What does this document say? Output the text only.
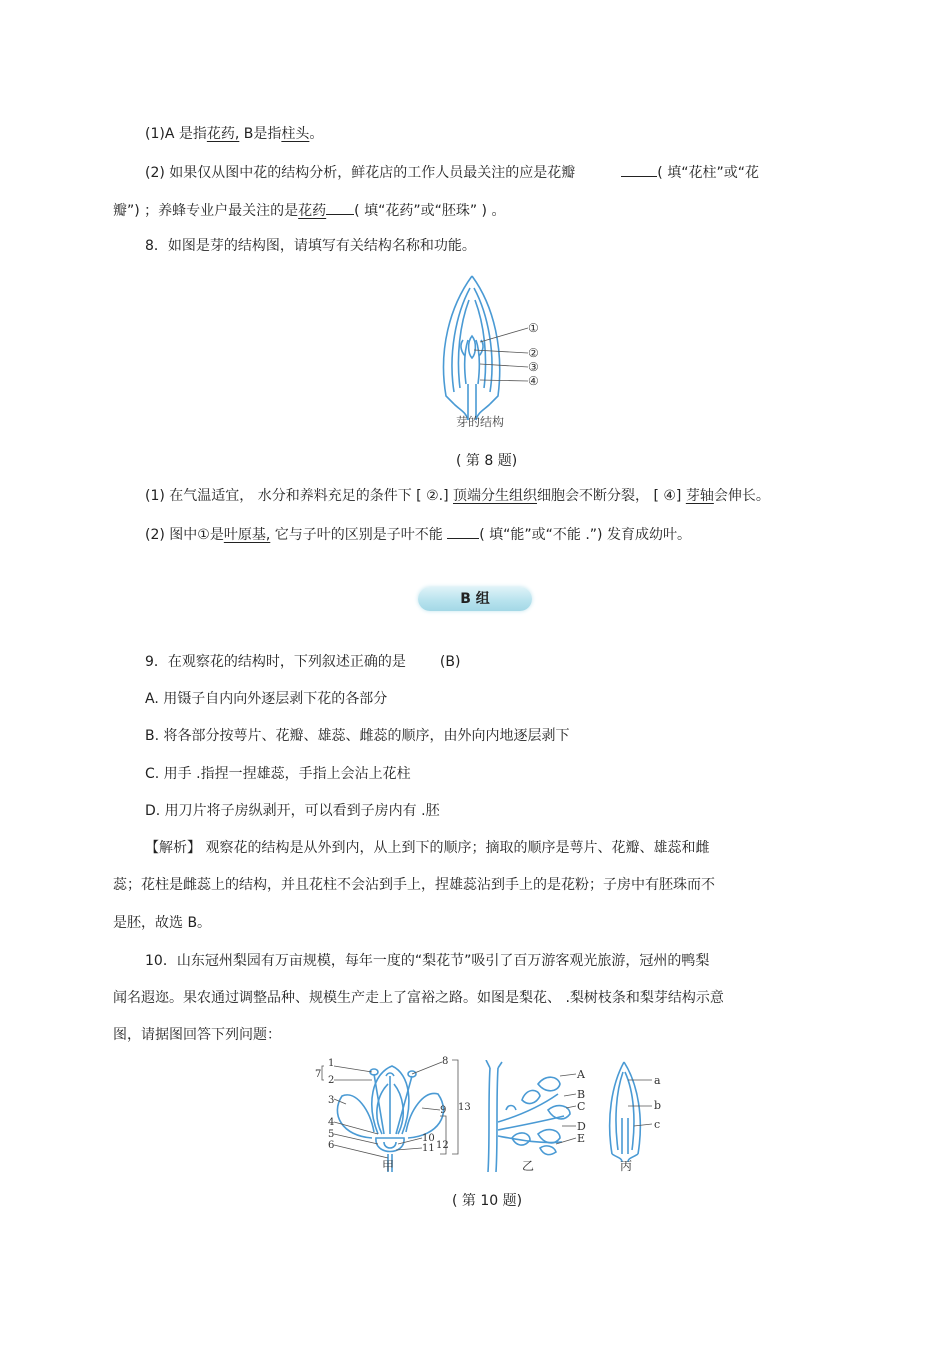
(1)A 是指花药, B是指柱头。
(2) 如果仅从图中花的结构分析，鲜花店的工作人员最关注的应是花瓣	( 填“花柱”或“花
瓣”) ；养蜂专业户最关注的是花药 ( 填“花药”或“胚珠” ) 。
8．如图是芽的结构图，请填写有关结构名称和功能。
①
②
③
④
芽的结构
( 第 8 题)
(1) 在气温适宜， 水分和养料充足的条件下 [ ②.] 顶端分生组织细胞会不断分裂， [ ④] 芽轴会伸长。
(2) 图中①是叶原基, 它与子叶的区别是子叶不能 ( 填“能”或“不能 .”) 发育成幼叶。
B 组
9．在观察花的结构时，下列叙述正确的是 (B)
A. 用镊子自内向外逐层剥下花的各部分
B. 将各部分按萼片、花瓣、雄蕊、雌蕊的顺序，由外向内地逐层剥下
C. 用手 .指捏一捏雄蕊，手指上会沾上花柱
D. 用刀片将子房纵剥开，可以看到子房内有 .胚
【解析】 观察花的结构是从外到内，从上到下的顺序；摘取的顺序是萼片、花瓣、雄蕊和雌
蕊；花柱是雌蕊上的结构，并且花柱不会沾到手上，捏雄蕊沾到手上的是花粉；子房中有胚珠而不
是胚，故选 B。
10．山东冠州梨园有万亩规模，每年一度的“梨花节”吸引了百万游客观光旅游，冠州的鸭梨
闻名遐迩。果农通过调整品种、规模生产走上了富裕之路。如图是梨花、 .梨树枝条和梨芽结构示意
图，请据图回答下列问题：
1
2
3
4
5
6
7
8
9
10
11 12
13
甲
A
B
C
D
E
乙
a
b
c
丙
( 第 10 题)
